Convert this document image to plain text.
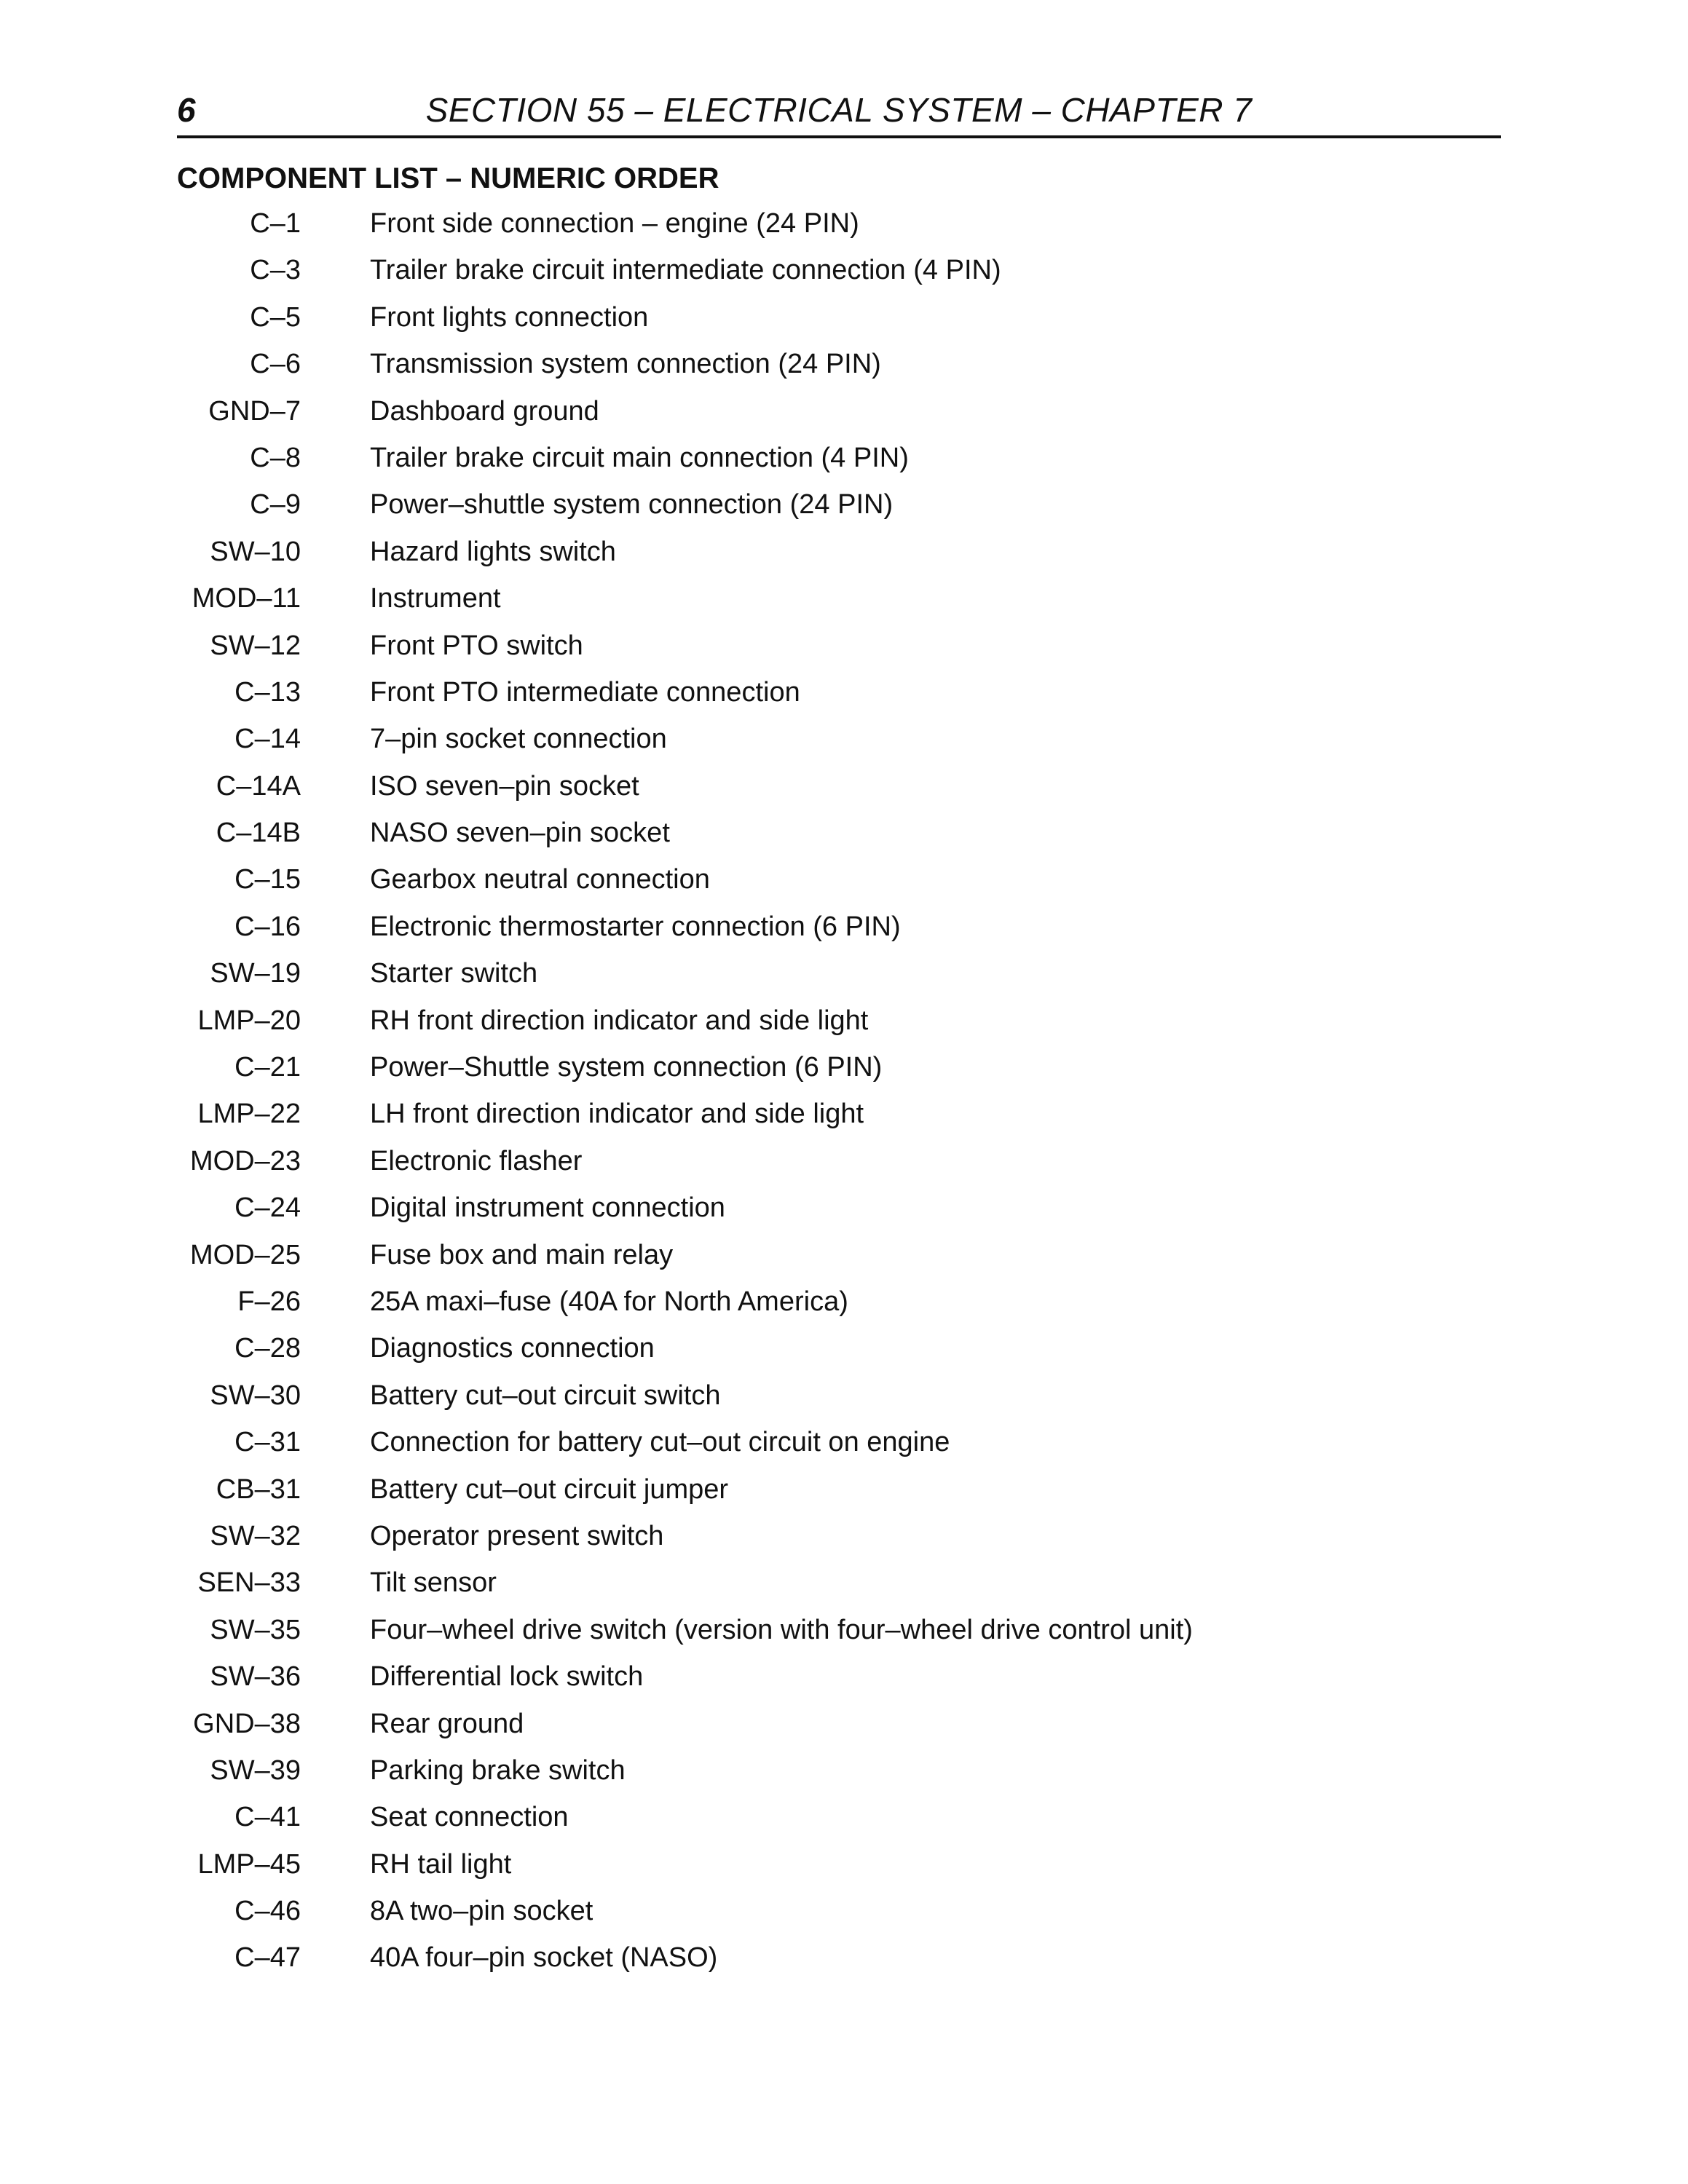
6	SECTION 55 – ELECTRICAL SYSTEM – CHAPTER 7
COMPONENT LIST – NUMERIC ORDER
C–1	Front side connection – engine (24 PIN)
C–3	Trailer brake circuit intermediate connection (4 PIN)
C–5	Front lights connection
C–6	Transmission system connection (24 PIN)
GND–7	Dashboard ground
C–8	Trailer brake circuit main connection (4 PIN)
C–9	Power–shuttle system connection (24 PIN)
SW–10	Hazard lights switch
MOD–11	Instrument
SW–12	Front PTO switch
C–13	Front PTO intermediate connection
C–14	7–pin socket connection
C–14A	ISO seven–pin socket
C–14B	NASO seven–pin socket
C–15	Gearbox neutral connection
C–16	Electronic thermostarter connection (6 PIN)
SW–19	Starter switch
LMP–20	RH front direction indicator and side light
C–21	Power–Shuttle system connection (6 PIN)
LMP–22	LH front direction indicator and side light
MOD–23	Electronic flasher
C–24	Digital instrument connection
MOD–25	Fuse box and main relay
F–26	25A maxi–fuse (40A for North America)
C–28	Diagnostics connection
SW–30	Battery cut–out circuit switch
C–31	Connection for battery cut–out circuit on engine
CB–31	Battery cut–out circuit jumper
SW–32	Operator present switch
SEN–33	Tilt sensor
SW–35	Four–wheel drive switch (version with four–wheel drive control unit)
SW–36	Differential lock switch
GND–38	Rear ground
SW–39	Parking brake switch
C–41	Seat connection
LMP–45	RH tail light
C–46	8A two–pin socket
C–47	40A four–pin socket (NASO)
